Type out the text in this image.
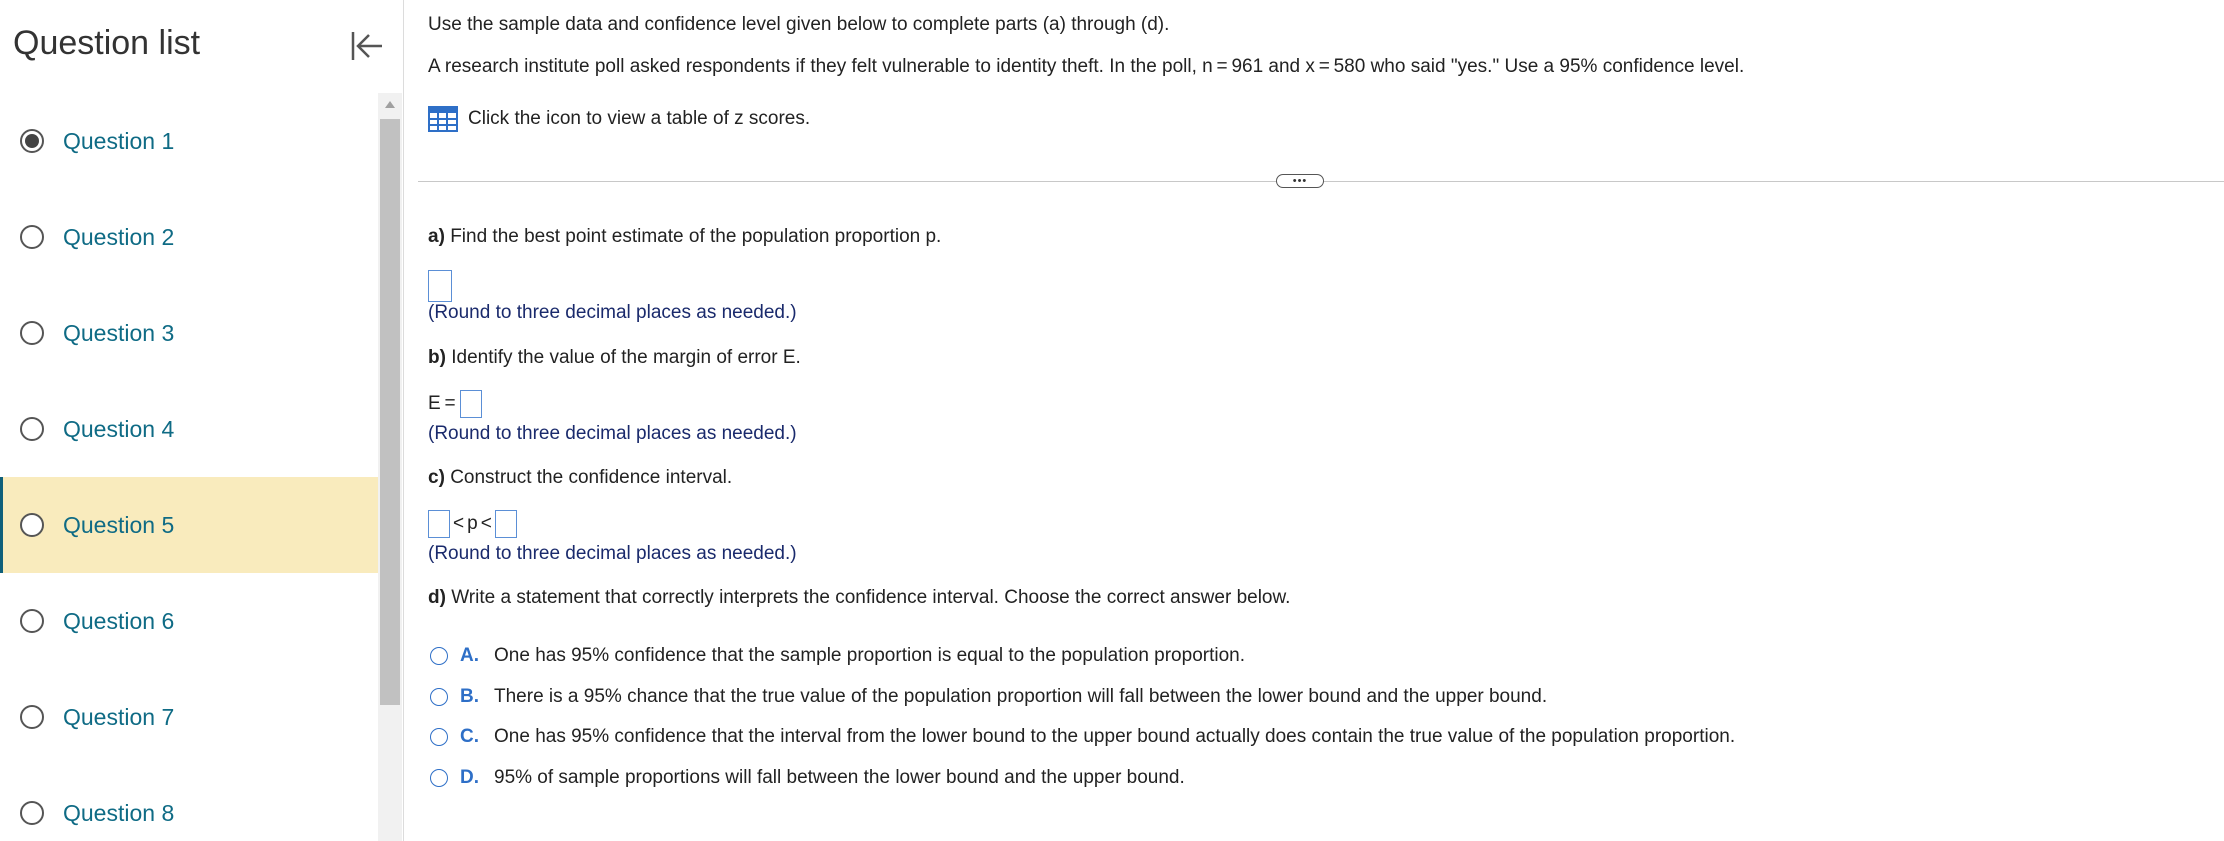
Question list
Question 1
Question 2
Question 3
Question 4
Question 5
Question 6
Question 7
Question 8
Use the sample data and confidence level given below to complete parts (a) through (d).
A research institute poll asked respondents if they felt vulnerable to identity theft. In the poll, n = 961 and x = 580 who said "yes." Use a 95% confidence level.
Click the icon to view a table of z scores.
•••
a) Find the best point estimate of the population proportion p.
(Round to three decimal places as needed.)
b) Identify the value of the margin of error E.
E =
(Round to three decimal places as needed.)
c) Construct the confidence interval.
< p <
(Round to three decimal places as needed.)
d) Write a statement that correctly interprets the confidence interval. Choose the correct answer below.
A. One has 95% confidence that the sample proportion is equal to the population proportion.
B. There is a 95% chance that the true value of the population proportion will fall between the lower bound and the upper bound.
C. One has 95% confidence that the interval from the lower bound to the upper bound actually does contain the true value of the population proportion.
D. 95% of sample proportions will fall between the lower bound and the upper bound.
